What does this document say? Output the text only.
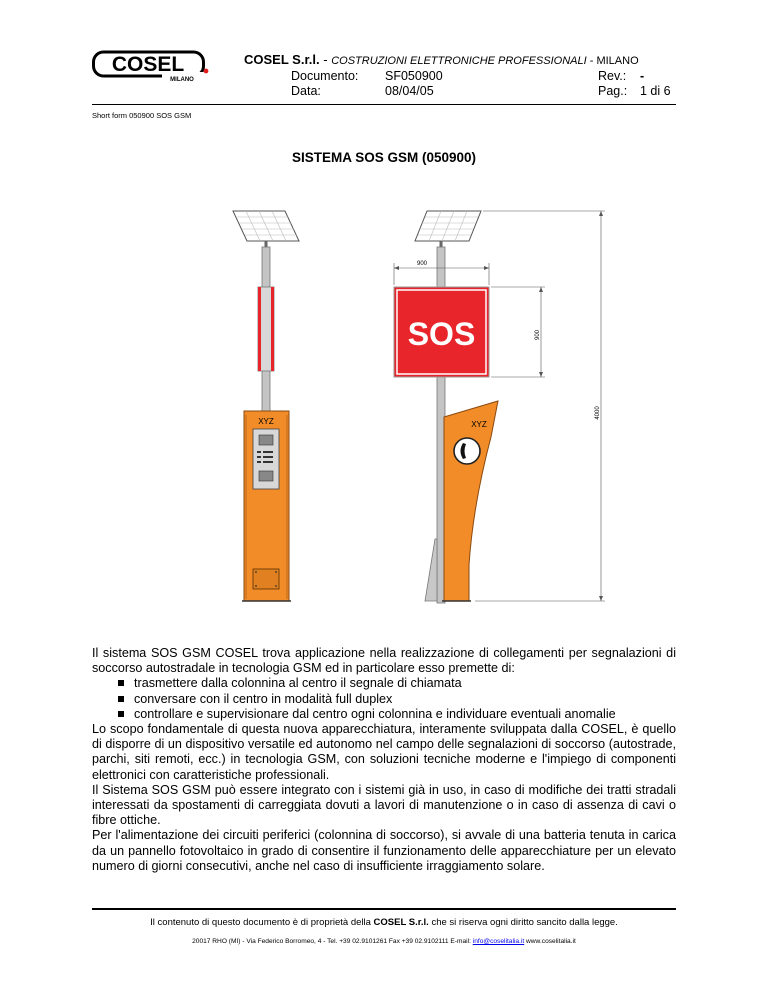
COSEL
MILANO
COSEL S.r.l. - COSTRUZIONI ELETTRONICHE PROFESSIONALI - MILANO
Documento: SF050900
Data:	08/04/05
Rev.: -
Pag.: 1 di 6
Short form 050900 SOS GSM
SISTEMA SOS GSM (050900)
XYZ
SOS
XYZ
900
900
4000

Il sistema SOS GSM COSEL trova applicazione nella realizzazione di collegamenti per segnalazioni di soccorso autostradale in tecnologia GSM ed in particolare esso premette di:

trasmettere dalla colonnina al centro il segnale di chiamata
conversare con il centro in modalità full duplex
controllare e supervisionare dal centro ogni colonnina e individuare eventuali anomalie

Lo scopo fondamentale di questa nuova apparecchiatura, interamente sviluppata dalla COSEL, è quello di disporre di un dispositivo versatile ed autonomo nel campo delle segnalazioni di soccorso (autostrade, parchi, siti remoti, ecc.) in tecnologia GSM, con soluzioni tecniche moderne e l'impiego di componenti elettronici con caratteristiche professionali.

Il Sistema SOS GSM può essere integrato con i sistemi già in uso, in caso di modifiche dei tratti stradali interessati da spostamenti di carreggiata dovuti a lavori di manutenzione o in caso di assenza di cavi o fibre ottiche.

Per l'alimentazione dei circuiti periferici (colonnina di soccorso), si avvale di una batteria tenuta in carica da un pannello fotovoltaico in grado di consentire il funzionamento delle apparecchiature per un elevato numero di giorni consecutivi, anche nel caso di insufficiente irraggiamento solare.

Il contenuto di questo documento è di proprietà della COSEL S.r.l. che si riserva ogni diritto sancito dalla legge.
20017 RHO (MI) - Via Federico Borromeo, 4 - Tel. +39 02.9101261 Fax +39 02.9102111 E-mail: info@coselitalia.it www.coselitalia.it
